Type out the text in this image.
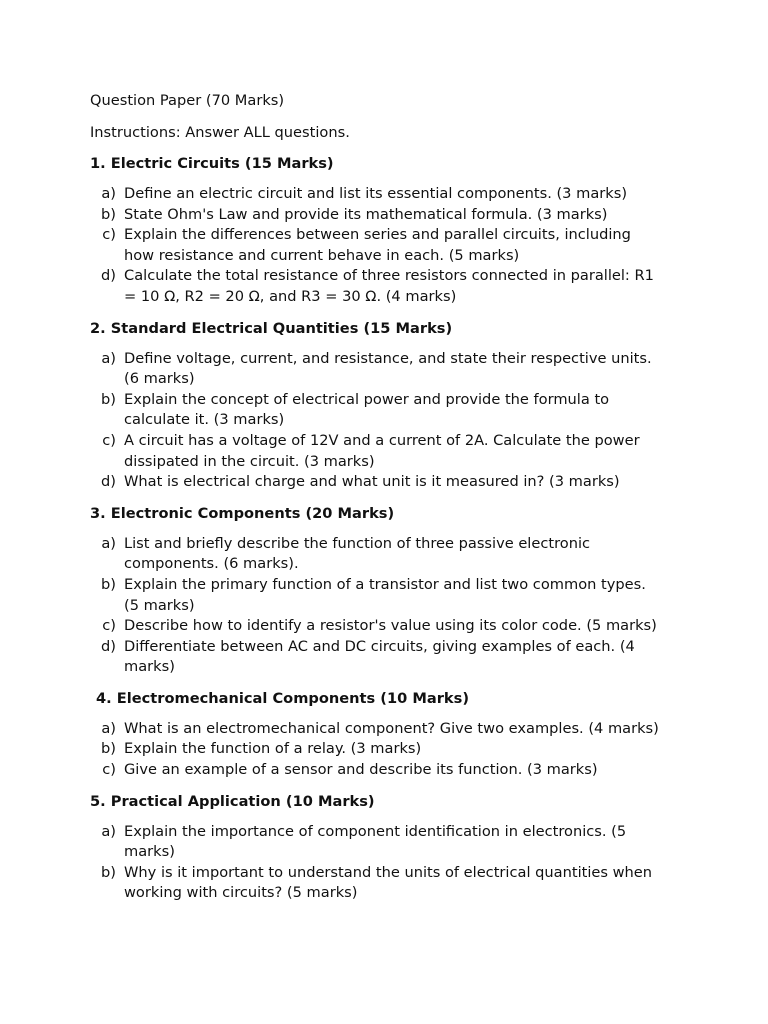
Question Paper (70 Marks)
Instructions: Answer ALL questions.
1. Electric Circuits (15 Marks)
a) Define an electric circuit and list its essential components. (3 marks)
b) State Ohm's Law and provide its mathematical formula. (3 marks)
c) Explain the differences between series and parallel circuits, including
how resistance and current behave in each. (5 marks)
d) Calculate the total resistance of three resistors connected in parallel: R1
= 10 Ω, R2 = 20 Ω, and R3 = 30 Ω. (4 marks)
2. Standard Electrical Quantities (15 Marks)
a) Define voltage, current, and resistance, and state their respective units.
(6 marks)
b) Explain the concept of electrical power and provide the formula to
calculate it. (3 marks)
c) A circuit has a voltage of 12V and a current of 2A. Calculate the power
dissipated in the circuit. (3 marks)
d) What is electrical charge and what unit is it measured in? (3 marks)
3. Electronic Components (20 Marks)
a) List and briefly describe the function of three passive electronic
components. (6 marks).
b) Explain the primary function of a transistor and list two common types.
(5 marks)
c) Describe how to identify a resistor's value using its color code. (5 marks)
d) Differentiate between AC and DC circuits, giving examples of each. (4
marks)
4. Electromechanical Components (10 Marks)
a) What is an electromechanical component? Give two examples. (4 marks)
b) Explain the function of a relay. (3 marks)
c) Give an example of a sensor and describe its function. (3 marks)
5. Practical Application (10 Marks)
a) Explain the importance of component identification in electronics. (5
marks)
b) Why is it important to understand the units of electrical quantities when
working with circuits? (5 marks)
